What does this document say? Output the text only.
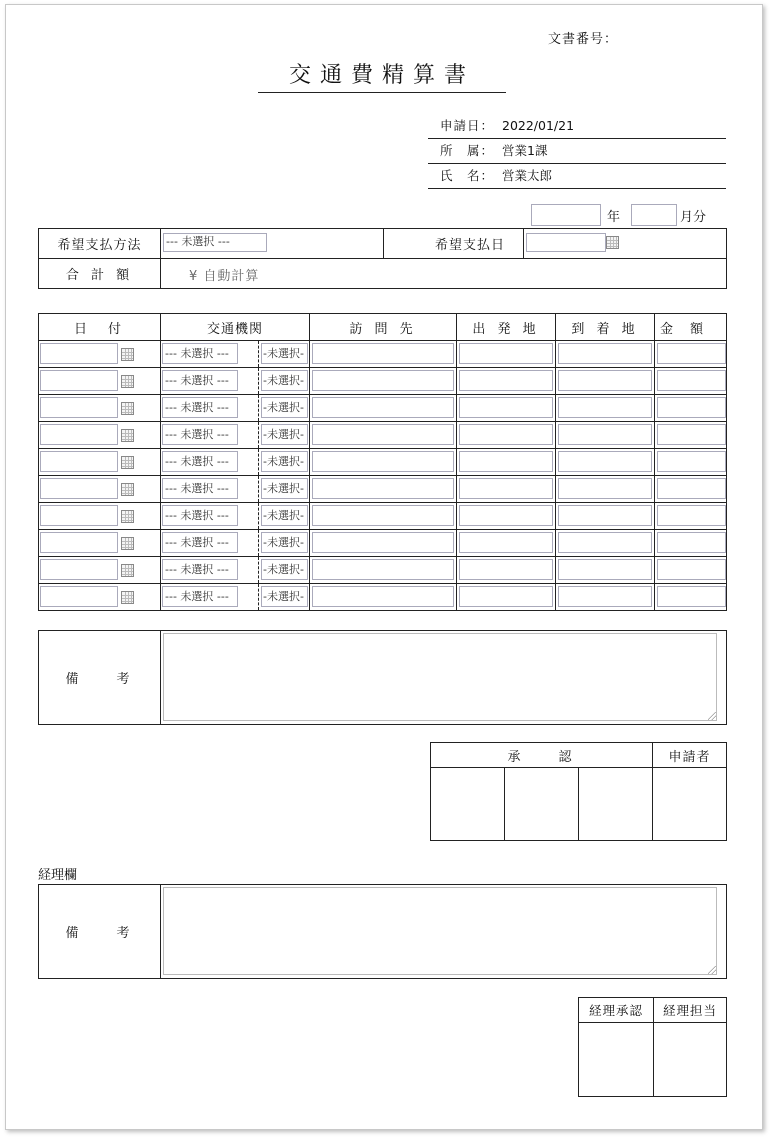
文書番号：
交通費精算書
申請日： 2022/01/21
所　属： 営業1課
氏　名： 営業太郎
年	月分
希望支払方法	--- 未選択 ---	希望支払日	

合 計 額	¥ 自動計算		
日　付	交通機関	訪 問 先	出 発 地	到 着 地	金　額

	--- 未選択 --- -未選択-				

	--- 未選択 --- -未選択-				

	--- 未選択 --- -未選択-				

	--- 未選択 --- -未選択-				

	--- 未選択 --- -未選択-				

	--- 未選択 --- -未選択-				

	--- 未選択 --- -未選択-				

	--- 未選択 --- -未選択-				

	--- 未選択 --- -未選択-				

	--- 未選択 --- -未選択-				

備　　考	
承　　認			申請者

経理欄
備　　考	
経理承認	経理担当
